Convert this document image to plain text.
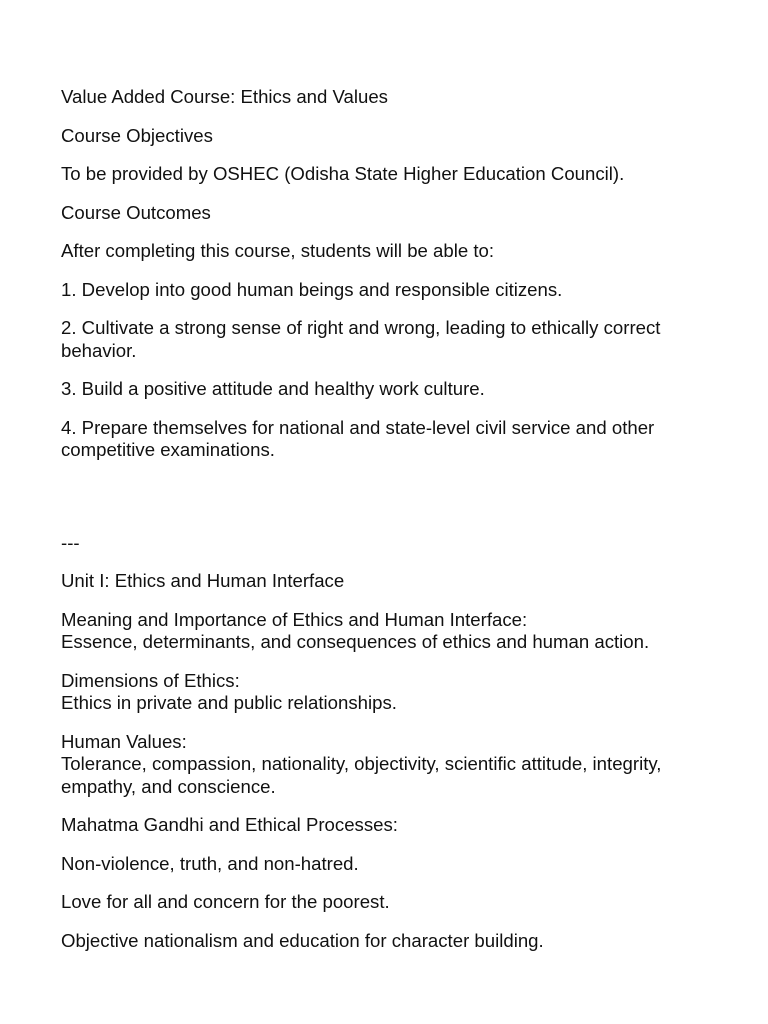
Value Added Course: Ethics and Values

Course Objectives

To be provided by OSHEC (Odisha State Higher Education Council).

Course Outcomes

After completing this course, students will be able to:

1. Develop into good human beings and responsible citizens.

2. Cultivate a strong sense of right and wrong, leading to ethically correct behavior.

3. Build a positive attitude and healthy work culture.

4. Prepare themselves for national and state-level civil service and other competitive examinations.

---

Unit I: Ethics and Human Interface

Meaning and Importance of Ethics and Human Interface:
Essence, determinants, and consequences of ethics and human action.

Dimensions of Ethics:
Ethics in private and public relationships.

Human Values:
Tolerance, compassion, nationality, objectivity, scientific attitude, integrity, empathy, and conscience.

Mahatma Gandhi and Ethical Processes:

Non-violence, truth, and non-hatred.

Love for all and concern for the poorest.

Objective nationalism and education for character building.
